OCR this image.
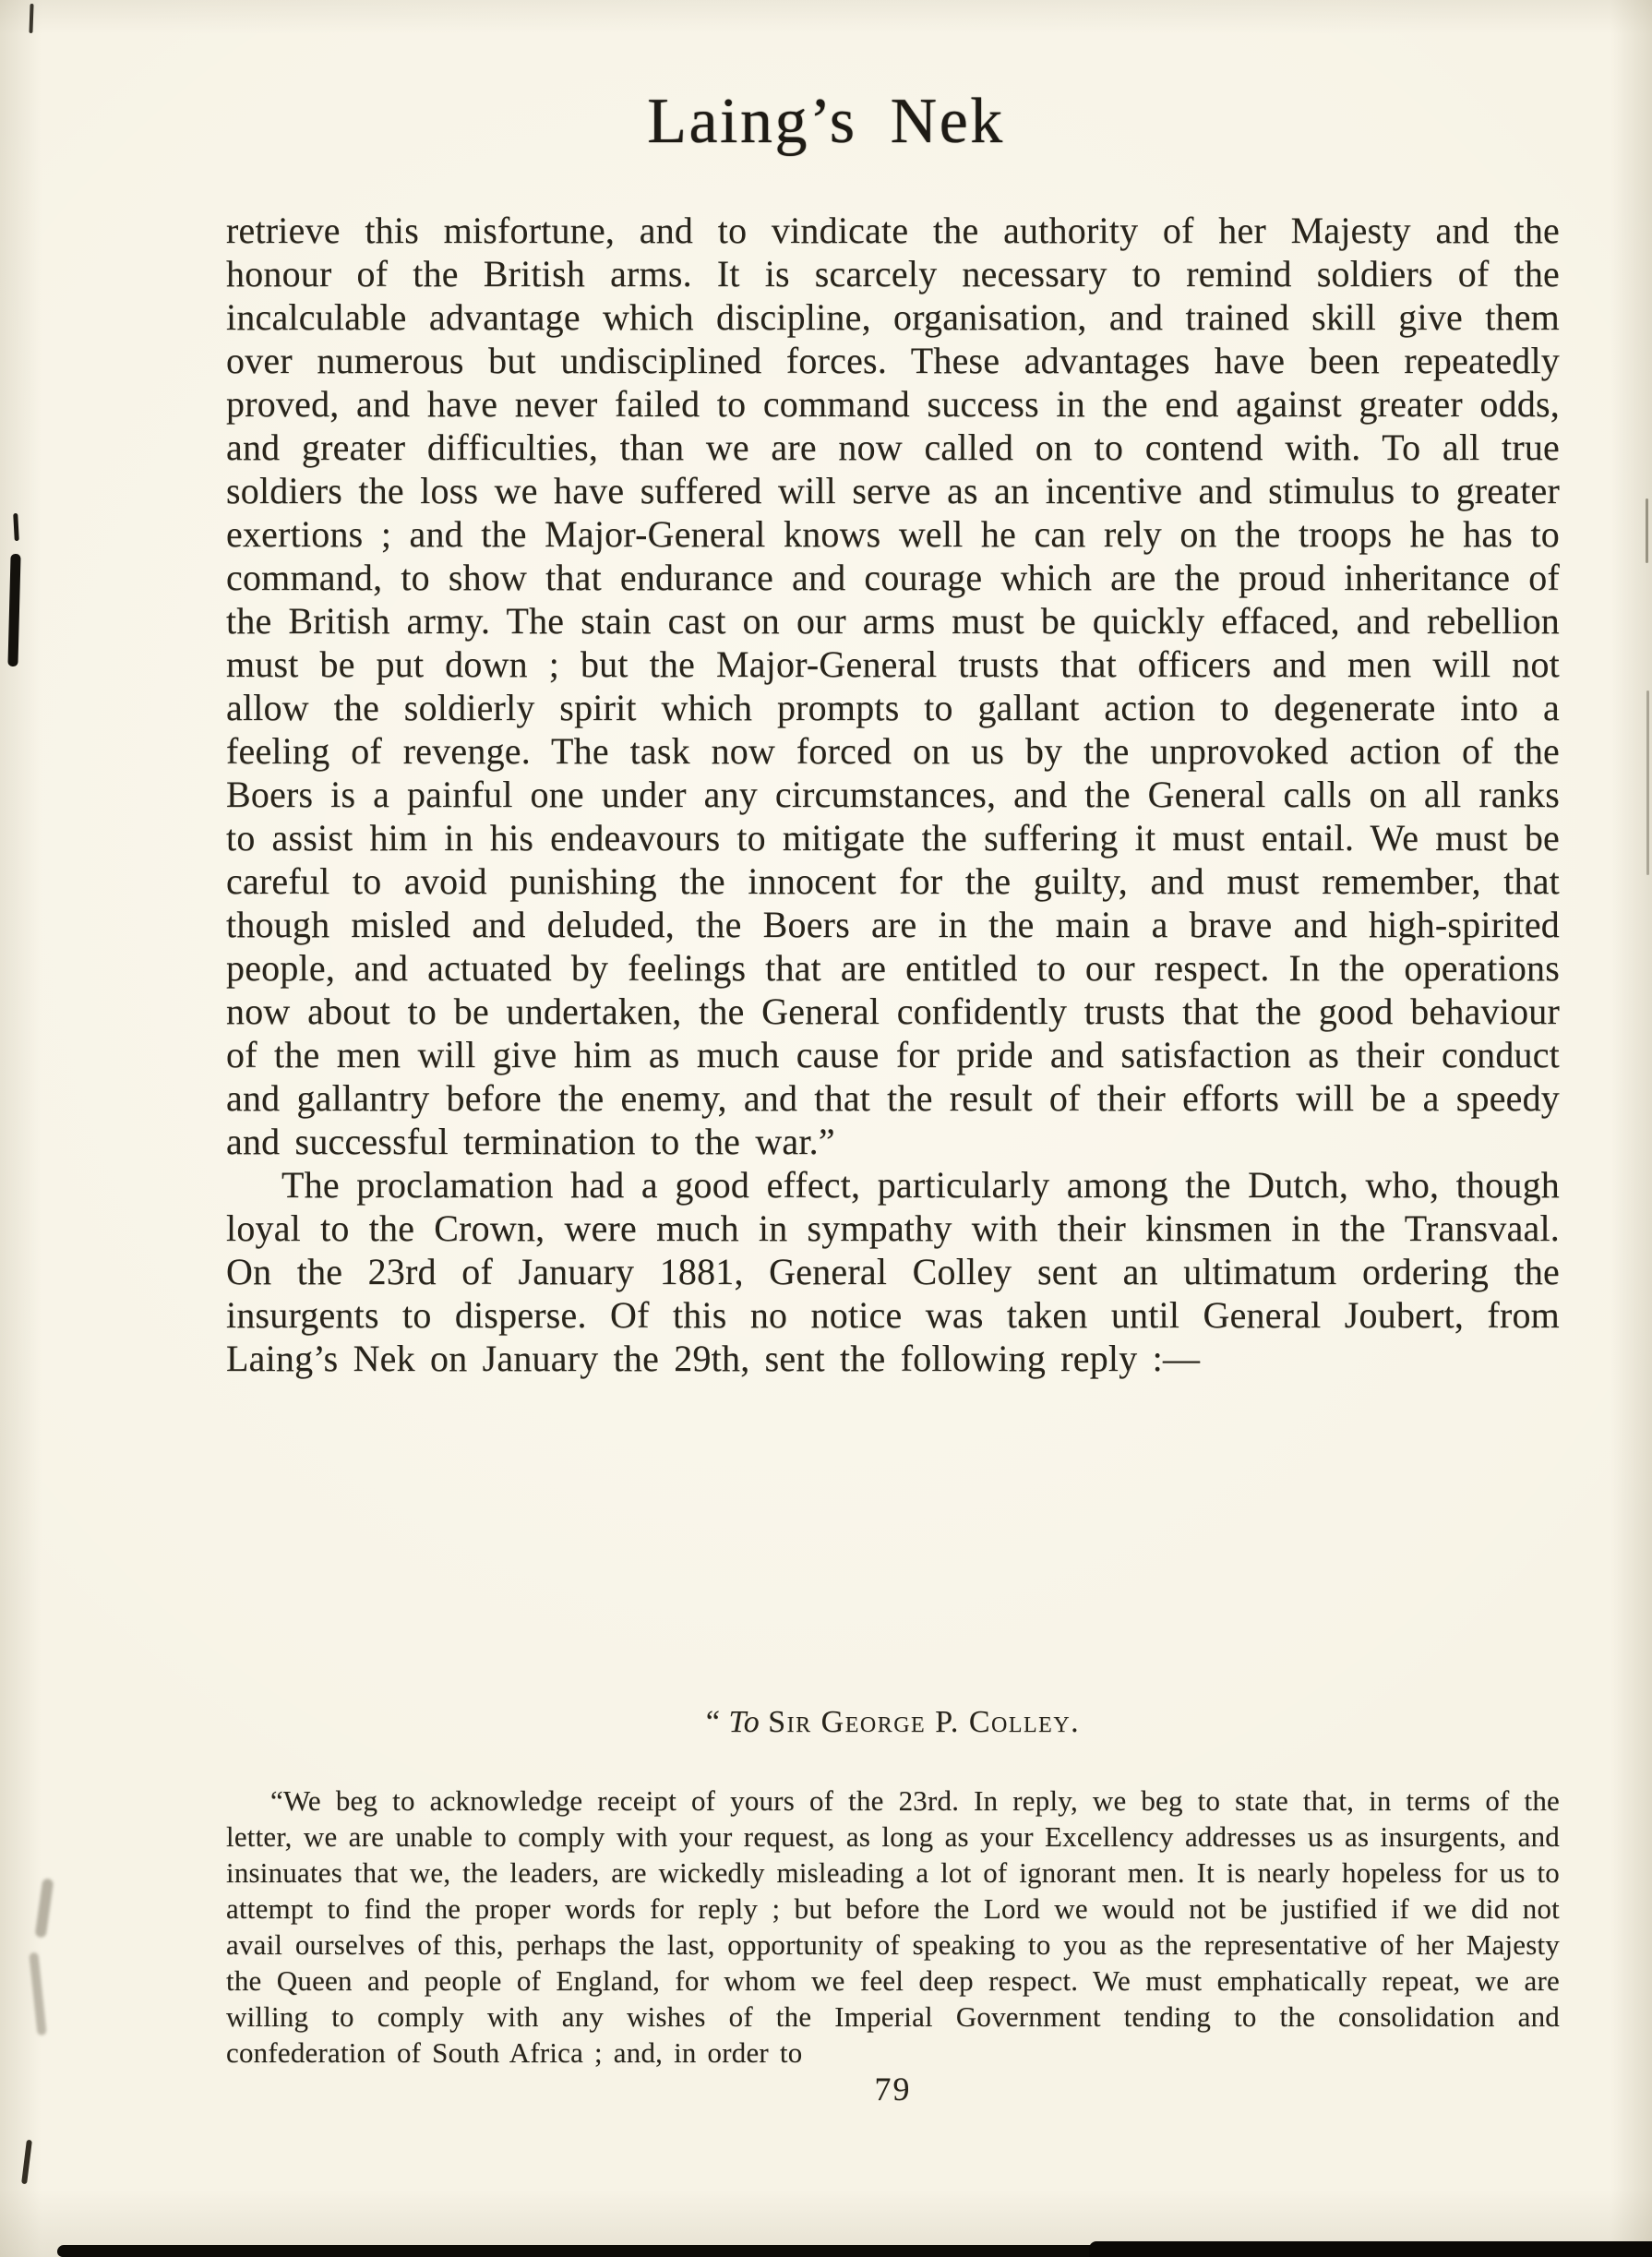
Laing’s Nek

retrieve this misfortune, and to vindicate the authority of her Majesty and the honour of the British arms. It is scarcely necessary to remind soldiers of the incalculable advantage which discipline, organisation, and trained skill give them over numerous but undisciplined forces. These advantages have been repeatedly proved, and have never failed to command success in the end against greater odds, and greater difficulties, than we are now called on to contend with. To all true soldiers the loss we have suffered will serve as an incentive and stimulus to greater exertions ; and the Major-General knows well he can rely on the troops he has to command, to show that endurance and courage which are the proud inheritance of the British army. The stain cast on our arms must be quickly effaced, and rebellion must be put down ; but the Major-General trusts that officers and men will not allow the soldierly spirit which prompts to gallant action to degenerate into a feeling of revenge. The task now forced on us by the unprovoked action of the Boers is a painful one under any circumstances, and the General calls on all ranks to assist him in his endeavours to mitigate the suffering it must entail. We must be careful to avoid punishing the innocent for the guilty, and must remember, that though misled and deluded, the Boers are in the main a brave and high-spirited people, and actuated by feelings that are entitled to our respect. In the operations now about to be undertaken, the General confidently trusts that the good behaviour of the men will give him as much cause for pride and satisfaction as their conduct and gallantry before the enemy, and that the result of their efforts will be a speedy and successful termination to the war.”

The proclamation had a good effect, particularly among the Dutch, who, though loyal to the Crown, were much in sympathy with their kinsmen in the Transvaal. On the 23rd of January 1881, General Colley sent an ultimatum ordering the insurgents to disperse. Of this no notice was taken until General Joubert, from Laing’s Nek on January the 29th, sent the following reply :—

“ To Sir George P. Colley.

“We beg to acknowledge receipt of yours of the 23rd. In reply, we beg to state that, in terms of the letter, we are unable to comply with your request, as long as your Excellency addresses us as insurgents, and insinuates that we, the leaders, are wickedly misleading a lot of ignorant men. It is nearly hopeless for us to attempt to find the proper words for reply ; but before the Lord we would not be justified if we did not avail ourselves of this, perhaps the last, opportunity of speaking to you as the representative of her Majesty the Queen and people of England, for whom we feel deep respect. We must emphatically repeat, we are willing to comply with any wishes of the Imperial Government tending to the consolidation and confederation of South Africa ; and, in order to

79
